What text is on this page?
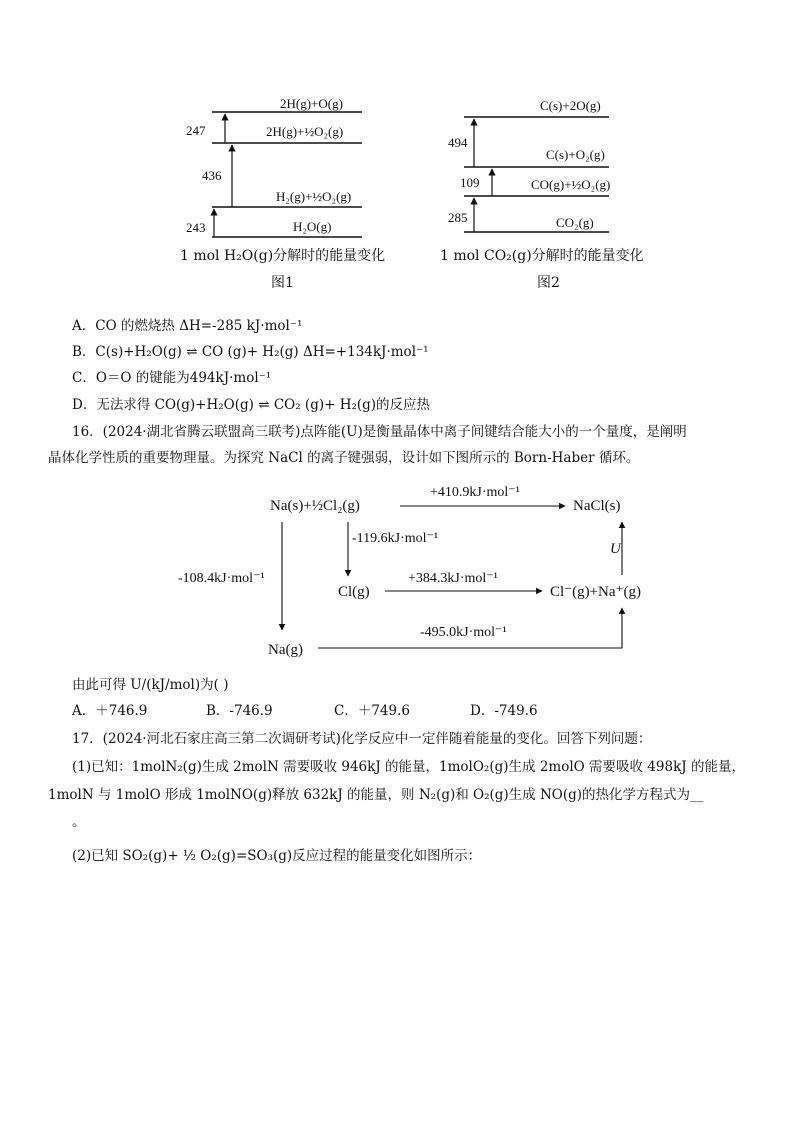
2H(g)+O(g)
2H(g)+½O₂(g)
H₂(g)+½O₂(g)
H₂O(g)
247
436
243
1 mol H₂O(g)分解时的能量变化
图1
C(s)+2O(g)
C(s)+O₂(g)
CO(g)+½O₂(g)
CO₂(g)
494
109
285
1 mol CO₂(g)分解时的能量变化
图2
A．CO 的燃烧热 ΔH=-285 kJ·mol⁻¹
B．C(s)+H₂O(g) ⇌ CO (g)+ H₂(g) ΔH=+134kJ·mol⁻¹
C．O＝O 的键能为494kJ·mol⁻¹
D．无法求得 CO(g)+H₂O(g) ⇌ CO₂ (g)+ H₂(g)的反应热
16．(2024·湖北省腾云联盟高三联考)点阵能(U)是衡量晶体中离子间键结合能大小的一个量度，是阐明
晶体化学性质的重要物理量。为探究 NaCl 的离子键强弱，设计如下图所示的 Born-Haber 循环。
Na(s)+½Cl₂(g)	NaCl(s)
Cl(g)	Cl⁻(g)+Na⁺(g)
Na(g)
+410.9kJ·mol⁻¹
-119.6kJ·mol⁻¹
-108.4kJ·mol⁻¹	+384.3kJ·mol⁻¹
-495.0kJ·mol⁻¹
U
由此可得 U/(kJ/mol)为( )
A．＋746.9	B．-746.9	C．＋749.6	D．-749.6
17．(2024·河北石家庄高三第二次调研考试)化学反应中一定伴随着能量的变化。回答下列问题：
(1)已知：1molN₂(g)生成 2molN 需要吸收 946kJ 的能量，1molO₂(g)生成 2molO 需要吸收 498kJ 的能量，
1molN 与 1molO 形成 1molNO(g)释放 632kJ 的能量，则 N₂(g)和 O₂(g)生成 NO(g)的热化学方程式为__
。
(2)已知 SO₂(g)+ ½ O₂(g)=SO₃(g)反应过程的能量变化如图所示：
